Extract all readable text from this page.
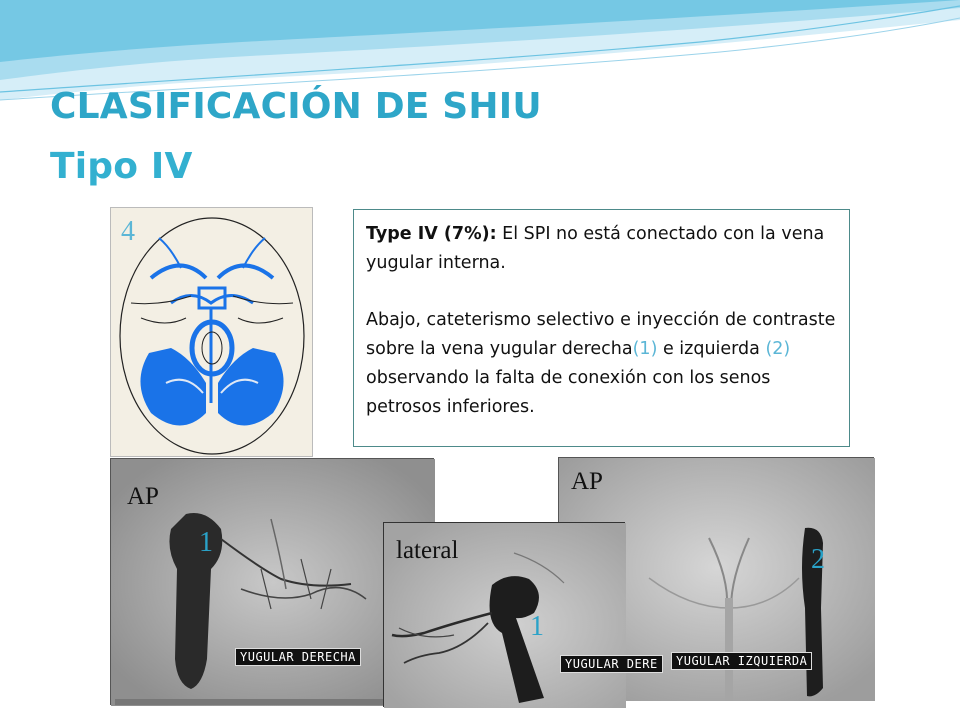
CLASIFICACIÓN DE SHIU
Tipo IV
4	Type IV (7%): El SPI no está conectado con la vena yugular interna.

Abajo, cateterismo selectivo e inyección de contraste sobre la vena yugular derecha(1) e izquierda (2) observando la falta de conexión con los senos petrosos inferiores.

AP
1
YUGULAR DERECHA
AP
2
YUGULAR IZQUIERDA
lateral
1
YUGULAR DERE
